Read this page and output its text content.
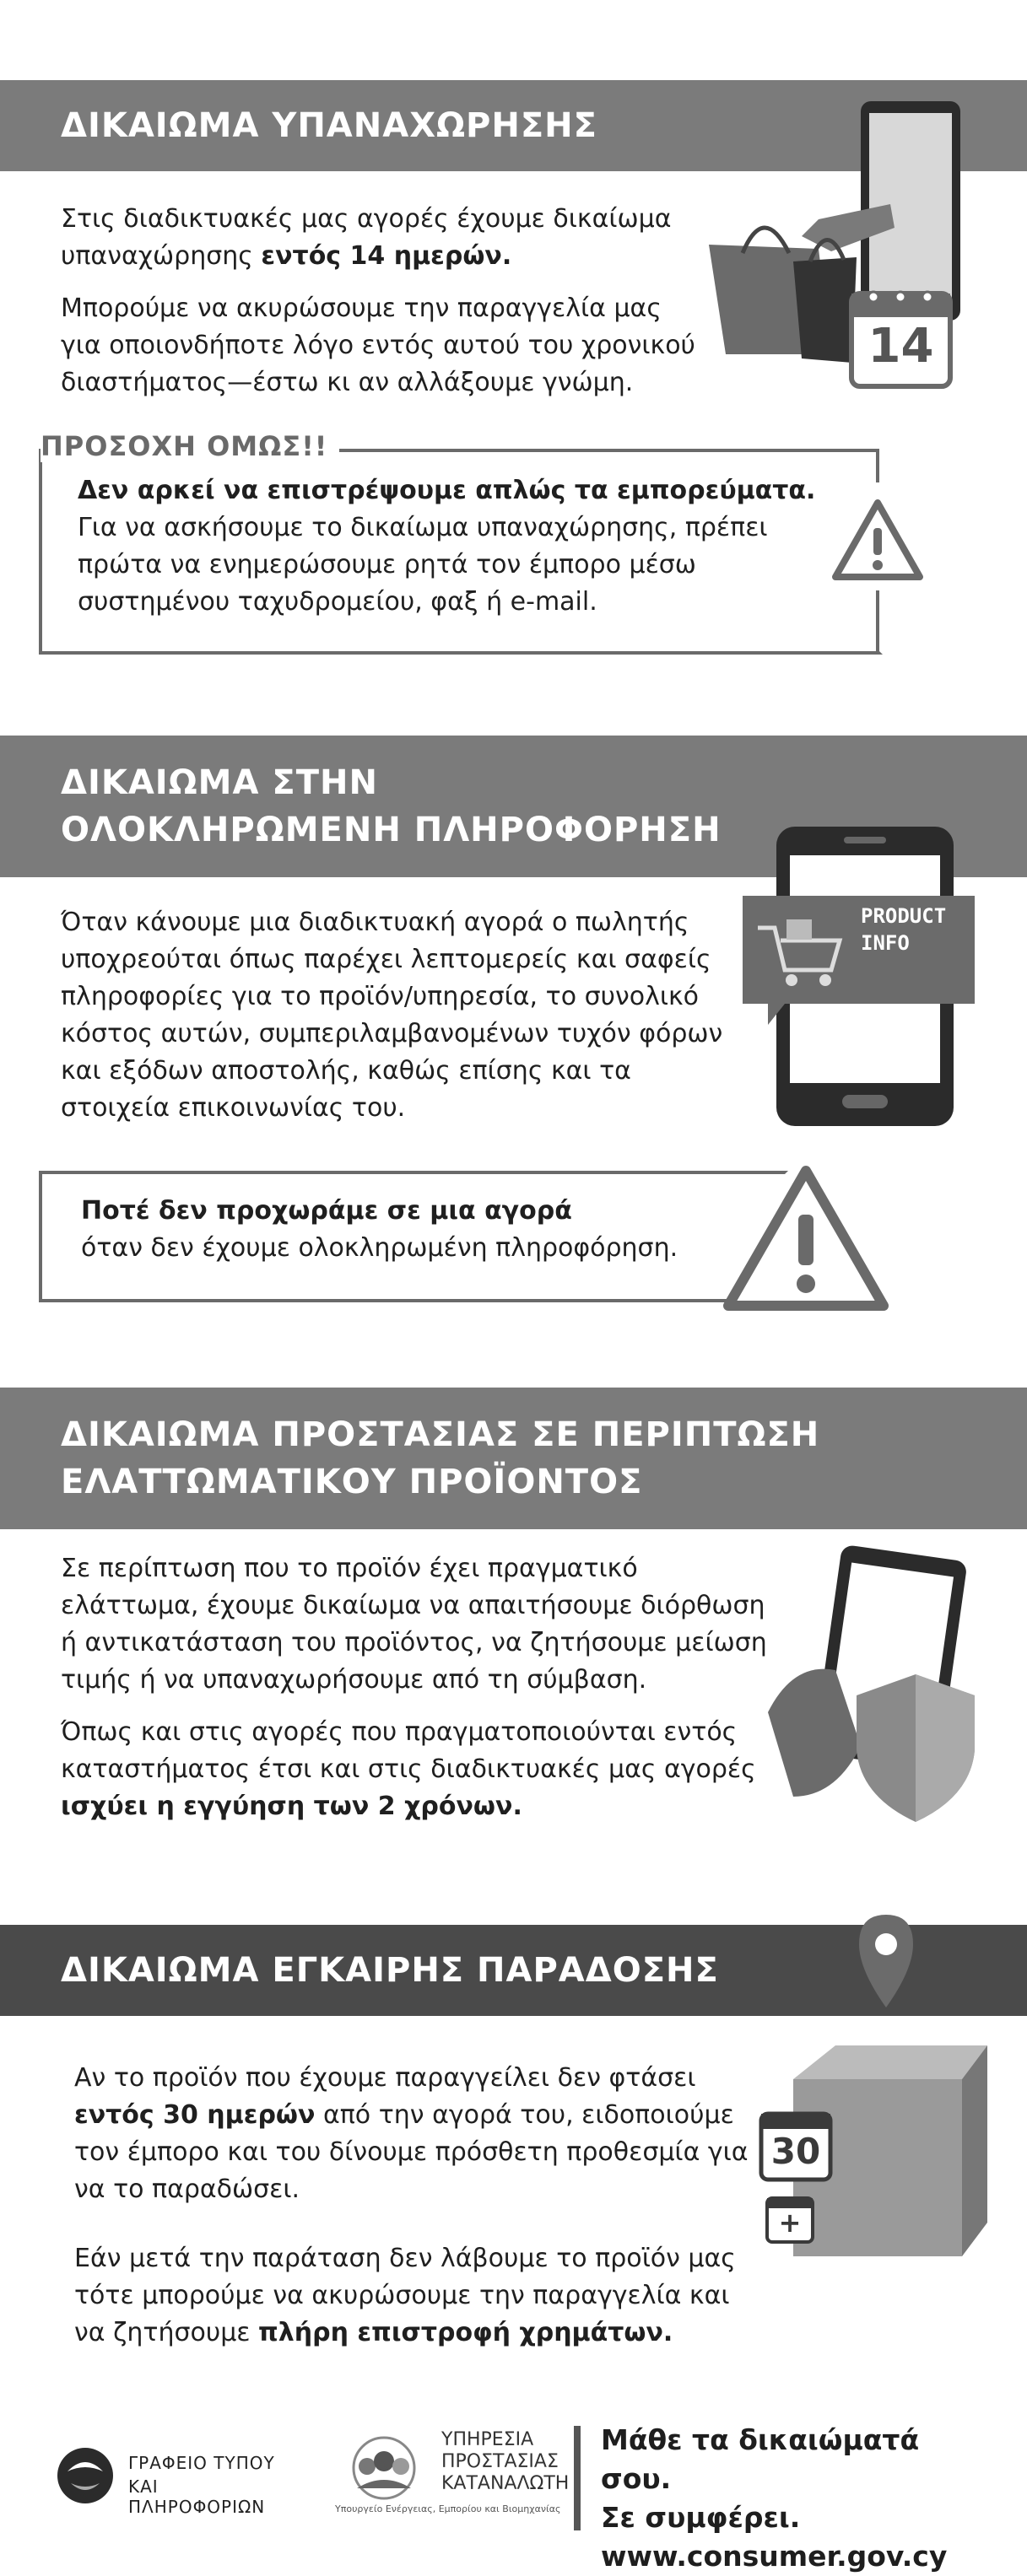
ΔΙΚΑΙΩΜΑ ΥΠΑΝΑΧΩΡΗΣΗΣ
14

Στις διαδικτυακές μας αγορές έχουμε δικαίωμα υπαναχώρησης εντός 14 ημερών.

Μπορούμε να ακυρώσουμε την παραγγελία μας για οποιονδήποτε λόγο εντός αυτού του χρονικού διαστήματος—έστω κι αν αλλάξουμε γνώμη.

ΠΡΟΣΟΧΗ ΟΜΩΣ!!
Δεν αρκεί να επιστρέψουμε απλώς τα εμπορεύματα.
Για να ασκήσουμε το δικαίωμα υπαναχώρησης, πρέπει πρώτα να ενημερώσουμε ρητά τον έμπορο μέσω συστημένου ταχυδρομείου, φαξ ή e-mail.
ΔΙΚΑΙΩΜΑ ΣΤΗΝ
ΟΛΟΚΛΗΡΩΜΕΝΗ ΠΛΗΡΟΦΟΡΗΣΗ
PRODUCT
INFO
Όταν κάνουμε μια διαδικτυακή αγορά ο πωλητής υποχρεούται όπως παρέχει λεπτομερείς και σαφείς πληροφορίες για το προϊόν/υπηρεσία, το συνολικό κόστος αυτών, συμπεριλαμβανομένων τυχόν φόρων και εξόδων αποστολής, καθώς επίσης και τα στοιχεία επικοινωνίας του.
Ποτέ δεν προχωράμε σε μια αγορά
όταν δεν έχουμε ολοκληρωμένη πληροφόρηση.
ΔΙΚΑΙΩΜΑ ΠΡΟΣΤΑΣΙΑΣ ΣΕ ΠΕΡΙΠΤΩΣΗ
ΕΛΑΤΤΩΜΑΤΙΚΟΥ ΠΡΟΪΟΝΤΟΣ

Σε περίπτωση που το προϊόν έχει πραγματικό ελάττωμα, έχουμε δικαίωμα να απαιτήσουμε διόρθωση ή αντικατάσταση του προϊόντος, να ζητήσουμε μείωση τιμής ή να υπαναχωρήσουμε από τη σύμβαση.

Όπως και στις αγορές που πραγματοποιούνται εντός καταστήματος έτσι και στις διαδικτυακές μας αγορές ισχύει η εγγύηση των 2 χρόνων.

ΔΙΚΑΙΩΜΑ ΕΓΚΑΙΡΗΣ ΠΑΡΑΔΟΣΗΣ
30
+

Αν το προϊόν που έχουμε παραγγείλει δεν φτάσει εντός 30 ημερών από την αγορά του, ειδοποιούμε τον έμπορο και του δίνουμε πρόσθετη προθεσμία για να το παραδώσει.

Εάν μετά την παράταση δεν λάβουμε το προϊόν μας τότε μπορούμε να ακυρώσουμε την παραγγελία και να ζητήσουμε πλήρη επιστροφή χρημάτων.

ΓΡΑΦΕΙΟ ΤΥΠΟΥ
ΚΑΙ ΠΛΗΡΟΦΟΡΙΩΝ
ΥΠΗΡΕΣΙΑ
ΠΡΟΣΤΑΣΙΑΣ
ΚΑΤΑΝΑΛΩΤΗ
Υπουργείο Ενέργειας, Εμπορίου και Βιομηχανίας
Μάθε τα δικαιώματά σου.
Σε συμφέρει.
www.consumer.gov.cy
